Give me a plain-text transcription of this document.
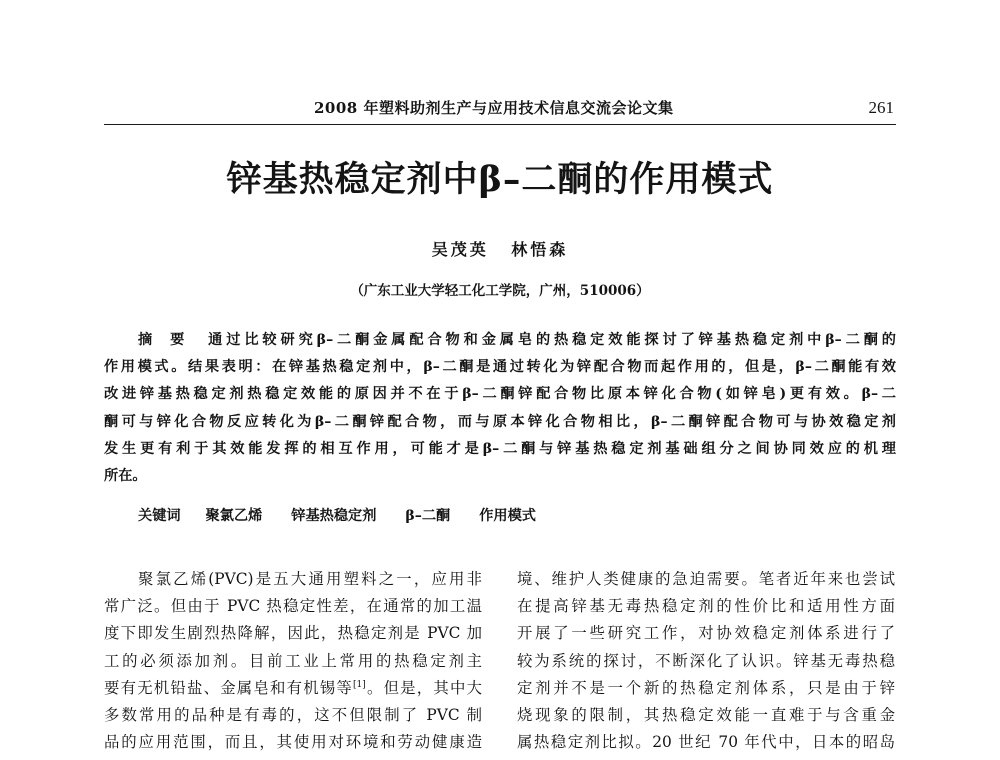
2008 年塑料助剂生产与应用技术信息交流会论文集	261
锌基热稳定剂中β–二酮的作用模式
吴茂英 林悟森
（广东工业大学轻工化工学院，广州，510006）
摘要 通过比较研究β–二酮金属配合物和金属皂的热稳定效能探讨了锌基热稳定剂中β–二酮的
作用模式。结果表明：在锌基热稳定剂中，β–二酮是通过转化为锌配合物而起作用的，但是，β–二酮能有效
改进锌基热稳定剂热稳定效能的原因并不在于β–二酮锌配合物比原本锌化合物(如锌皂)更有效。β–二
酮可与锌化合物反应转化为β–二酮锌配合物，而与原本锌化合物相比，β–二酮锌配合物可与协效稳定剂
发生更有利于其效能发挥的相互作用，可能才是β–二酮与锌基热稳定剂基础组分之间协同效应的机理
所在。
关键词 聚氯乙烯 锌基热稳定剂 β–二酮 作用模式
聚氯乙烯(PVC)是五大通用塑料之一，应用非
常广泛。但由于 PVC 热稳定性差，在通常的加工温
度下即发生剧烈热降解，因此，热稳定剂是 PVC 加
工的必须添加剂。目前工业上常用的热稳定剂主
要有无机铅盐、金属皂和有机锡等[1]。但是，其中大
多数常用的品种是有毒的，这不但限制了 PVC 制
品的应用范围，而且，其使用对环境和劳动健康造
境、维护人类健康的急迫需要。笔者近年来也尝试
在提高锌基无毒热稳定剂的性价比和适用性方面
开展了一些研究工作，对协效稳定剂体系进行了
较为系统的探讨，不断深化了认识。锌基无毒热稳
定剂并不是一个新的热稳定剂体系，只是由于锌
烧现象的限制，其热稳定效能一直难于与含重金
属热稳定剂比拟。20 世纪 70 年代中，日本的昭岛
